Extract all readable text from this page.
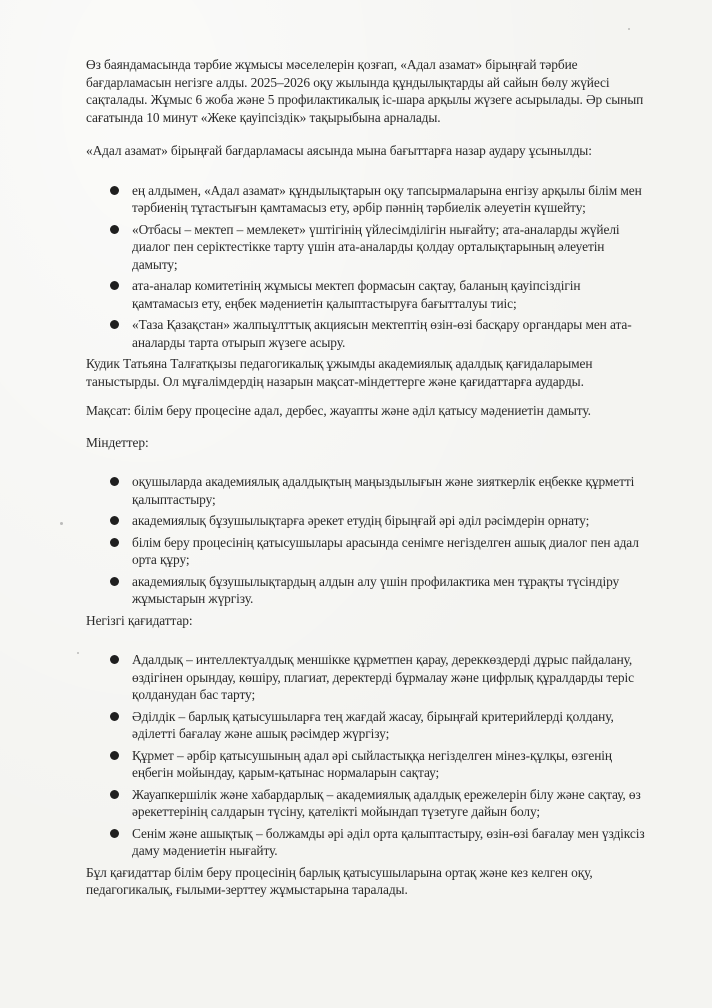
Өз баяндамасында тәрбие жұмысы мәселелерін қозғап, «Адал азамат» бірыңғай тәрбие бағдарламасын негізге алды. 2025–2026 оқу жылында құндылықтарды ай сайын бөлу жүйесі сақталады. Жұмыс 6 жоба және 5 профилактикалық іс-шара арқылы жүзеге асырылады. Әр сынып сағатында 10 минут «Жеке қауіпсіздік» тақырыбына арналады.

«Адал азамат» бірыңғай бағдарламасы аясында мына бағыттарға назар аудару ұсынылды:

ең алдымен, «Адал азамат» құндылықтарын оқу тапсырмаларына енгізу арқылы білім мен тәрбиенің тұтастығын қамтамасыз ету, әрбір пәннің тәрбиелік әлеуетін күшейту;
«Отбасы – мектеп – мемлекет» үштігінің үйлесімділігін нығайту; ата-аналарды жүйелі диалог пен серіктестікке тарту үшін ата-аналарды қолдау орталықтарының әлеуетін дамыту;
ата-аналар комитетінің жұмысы мектеп формасын сақтау, баланың қауіпсіздігін қамтамасыз ету, еңбек мәдениетін қалыптастыруға бағытталуы тиіс;
«Таза Қазақстан» жалпыұлттық акциясын мектептің өзін-өзі басқару органдары мен ата-аналарды тарта отырып жүзеге асыру.

Кудик Татьяна Талғатқызы педагогикалық ұжымды академиялық адалдық қағидаларымен таныстырды. Ол мұғалімдердің назарын мақсат-міндеттерге және қағидаттарға аударды.

Мақсат: білім беру процесіне адал, дербес, жауапты және әділ қатысу мәдениетін дамыту.

Міндеттер:

оқушыларда академиялық адалдықтың маңыздылығын және зияткерлік еңбекке құрметті қалыптастыру;
академиялық бұзушылықтарға әрекет етудің бірыңғай әрі әділ рәсімдерін орнату;
білім беру процесінің қатысушылары арасында сенімге негізделген ашық диалог пен адал орта құру;
академиялық бұзушылықтардың алдын алу үшін профилактика мен тұрақты түсіндіру жұмыстарын жүргізу.

Негізгі қағидаттар:

Адалдық – интеллектуалдық меншікке құрметпен қарау, дереккөздерді дұрыс пайдалану, өздігінен орындау, көшіру, плагиат, деректерді бұрмалау және цифрлық құралдарды теріс қолданудан бас тарту;
Әділдік – барлық қатысушыларға тең жағдай жасау, бірыңғай критерийлерді қолдану, әділетті бағалау және ашық рәсімдер жүргізу;
Құрмет – әрбір қатысушының адал әрі сыйластыққа негізделген мінез-құлқы, өзгенің еңбегін мойындау, қарым-қатынас нормаларын сақтау;
Жауапкершілік және хабардарлық – академиялық адалдық ережелерін білу және сақтау, өз әрекеттерінің салдарын түсіну, қателікті мойындап түзетуге дайын болу;
Сенім және ашықтық – болжамды әрі әділ орта қалыптастыру, өзін-өзі бағалау мен үздіксіз даму мәдениетін нығайту.

Бұл қағидаттар білім беру процесінің барлық қатысушыларына ортақ және кез келген оқу, педагогикалық, ғылыми-зерттеу жұмыстарына таралады.
